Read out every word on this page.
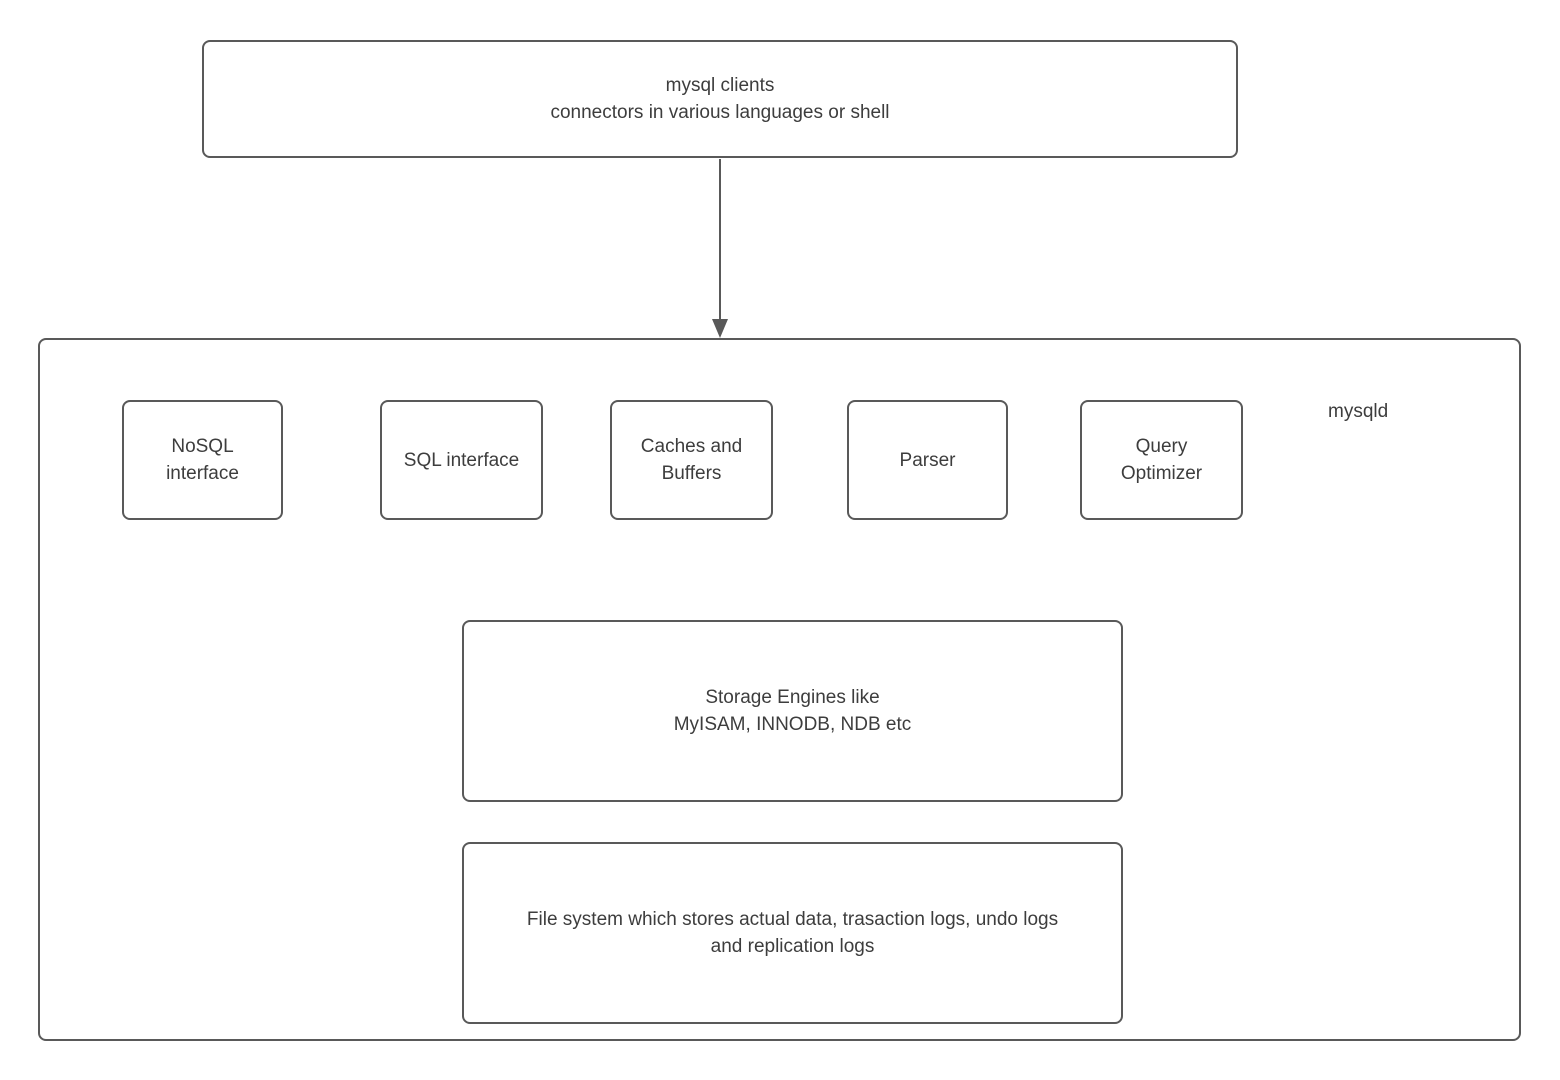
mysql clients
connectors in various languages or shell
mysqld
NoSQL
interface
SQL interface
Caches and
Buffers
Parser
Query
Optimizer
Storage Engines like
MyISAM, INNODB, NDB etc
File system which stores actual data, trasaction logs, undo logs
and replication logs
